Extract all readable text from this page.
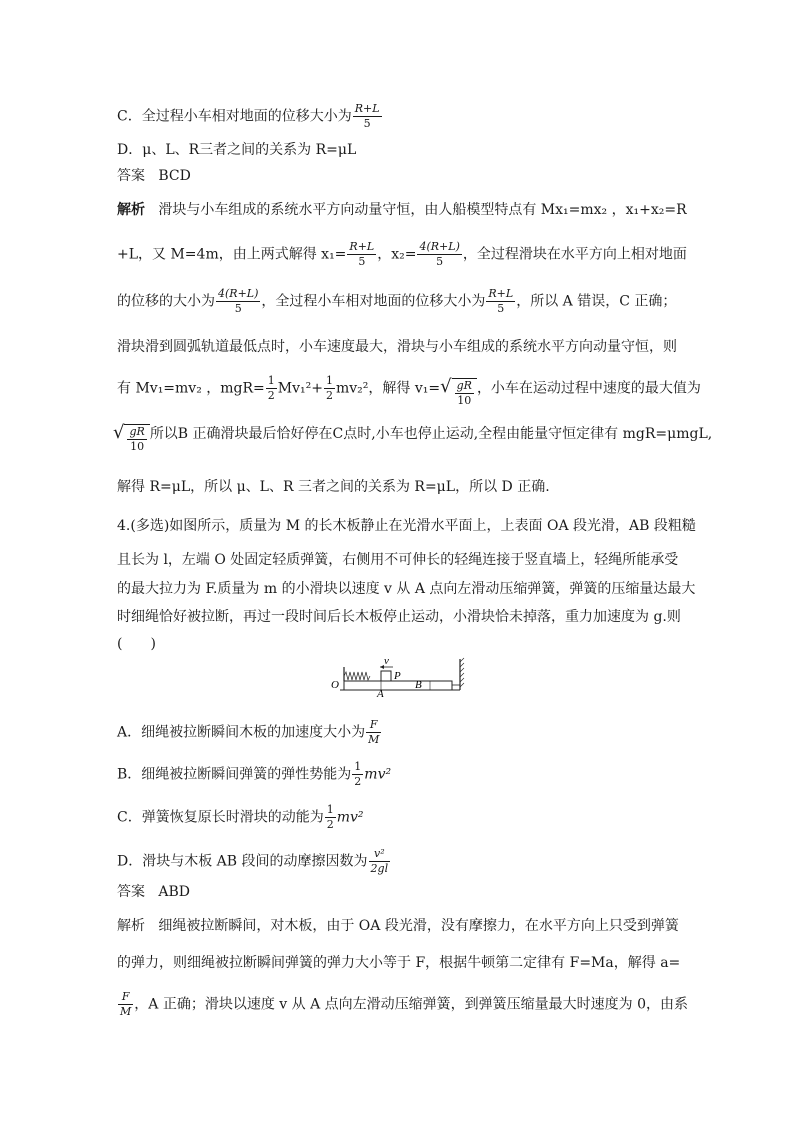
C．全过程小车相对地面的位移大小为 $\frac{R+L}{5}$
D．μ、L、R三者之间的关系为 R=μL
答案 BCD
解析 滑块与小车组成的系统水平方向动量守恒，由人船模型特点有 Mx₁=mx₂ ，x₁+x₂=R
+L，又 M=4m，由上两式解得 $x_1= \frac{R+L}{5}$ ，$x_2= \frac{4(R+L)}{5}$ ，全过程滑块在水平方向上相对地面
的位移的大小为 $\frac{4(R+L)}{5}$ ，全过程小车相对地面的位移大小为 $\frac{R+L}{5}$ ，所以 A 错误，C 正确；
滑块滑到圆弧轨道最低点时，小车速度最大，滑块与小车组成的系统水平方向动量守恒，则
有 Mv₁=mv₂ ，$mgR= \frac{1}{2} Mv_1^2+ \frac{1}{2} mv_2^2$，解得 v₁= √ $\frac{gR}{10}$ ，小车在运动过程中速度的最大值为
√ $\frac{gR}{10}$ 所以B 正确滑块最后恰好停在C点时,小车也停止运动,全程由能量守恒定律有 mgR=μmgL,
解得 R=μL，所以 μ、L、R 三者之间的关系为 R=μL，所以 D 正确.
4.(多选)如图所示，质量为 M 的长木板静止在光滑水平面上，上表面 OA 段光滑，AB 段粗糙
且长为 l，左端 O 处固定轻质弹簧，右侧用不可伸长的轻绳连接于竖直墙上，轻绳所能承受
的最大拉力为 F.质量为 m 的小滑块以速度 v 从 A 点向左滑动压缩弹簧，弹簧的压缩量达最大
时细绳恰好被拉断，再过一段时间后长木板停止运动，小滑块恰未掉落，重力加速度为 g.则
(　　)
O
A
B
P
v
A．细绳被拉断瞬间木板的加速度大小为 $\frac{F}{M}$
B．细绳被拉断瞬间弹簧的弹性势能为 $\frac{1}{2} mv^2$
C．弹簧恢复原长时滑块的动能为 $\frac{1}{2} mv^2$
D．滑块与木板 AB 段间的动摩擦因数为 $\frac{\text{v²}}{2gl}$
答案 ABD
解析 细绳被拉断瞬间，对木板，由于 OA 段光滑，没有摩擦力，在水平方向上只受到弹簧
的弹力，则细绳被拉断瞬间弹簧的弹力大小等于 F，根据牛顿第二定律有 F=Ma，解得 a=
$\frac{F}{M}$ ，A 正确；滑块以速度 v 从 A 点向左滑动压缩弹簧，到弹簧压缩量最大时速度为 0，由系
